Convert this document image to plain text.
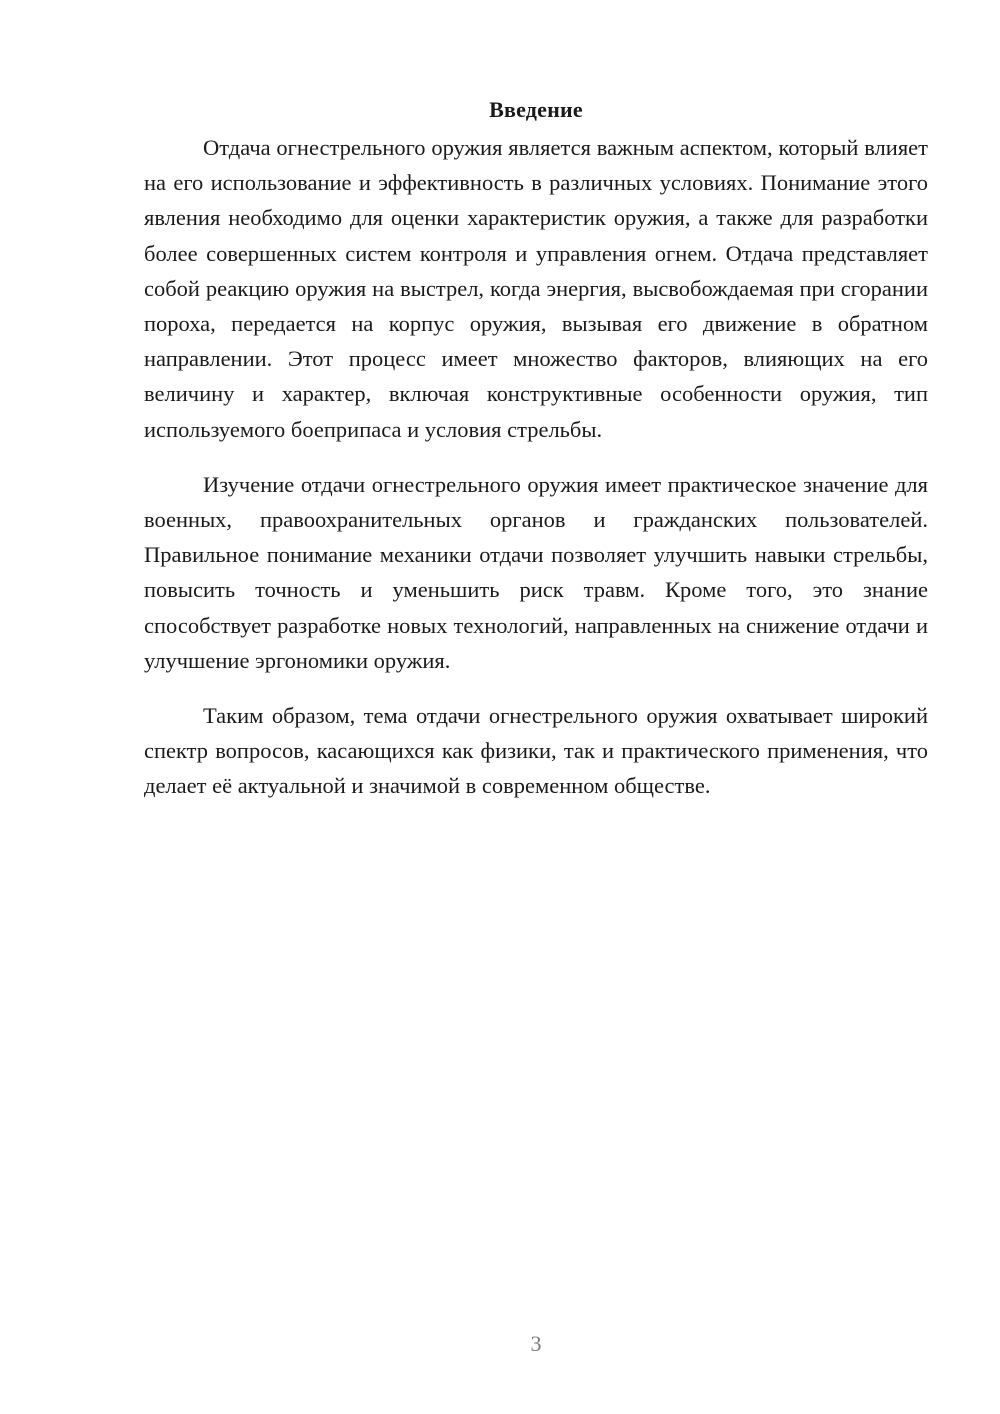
Введение

Отдача огнестрельного оружия является важным аспектом, который влияет на его использование и эффективность в различных условиях. Понимание этого явления необходимо для оценки характеристик оружия, а также для разработки более совершенных систем контроля и управления огнем. Отдача представляет собой реакцию оружия на выстрел, когда энергия, высвобождаемая при сгорании пороха, передается на корпус оружия, вызывая его движение в обратном направлении. Этот процесс имеет множество факторов, влияющих на его величину и характер, включая конструктивные особенности оружия, тип используемого боеприпаса и условия стрельбы.

Изучение отдачи огнестрельного оружия имеет практическое значение для военных, правоохранительных органов и гражданских пользователей. Правильное понимание механики отдачи позволяет улучшить навыки стрельбы, повысить точность и уменьшить риск травм. Кроме того, это знание способствует разработке новых технологий, направленных на снижение отдачи и улучшение эргономики оружия.

Таким образом, тема отдачи огнестрельного оружия охватывает широкий спектр вопросов, касающихся как физики, так и практического применения, что делает её актуальной и значимой в современном обществе.

3
